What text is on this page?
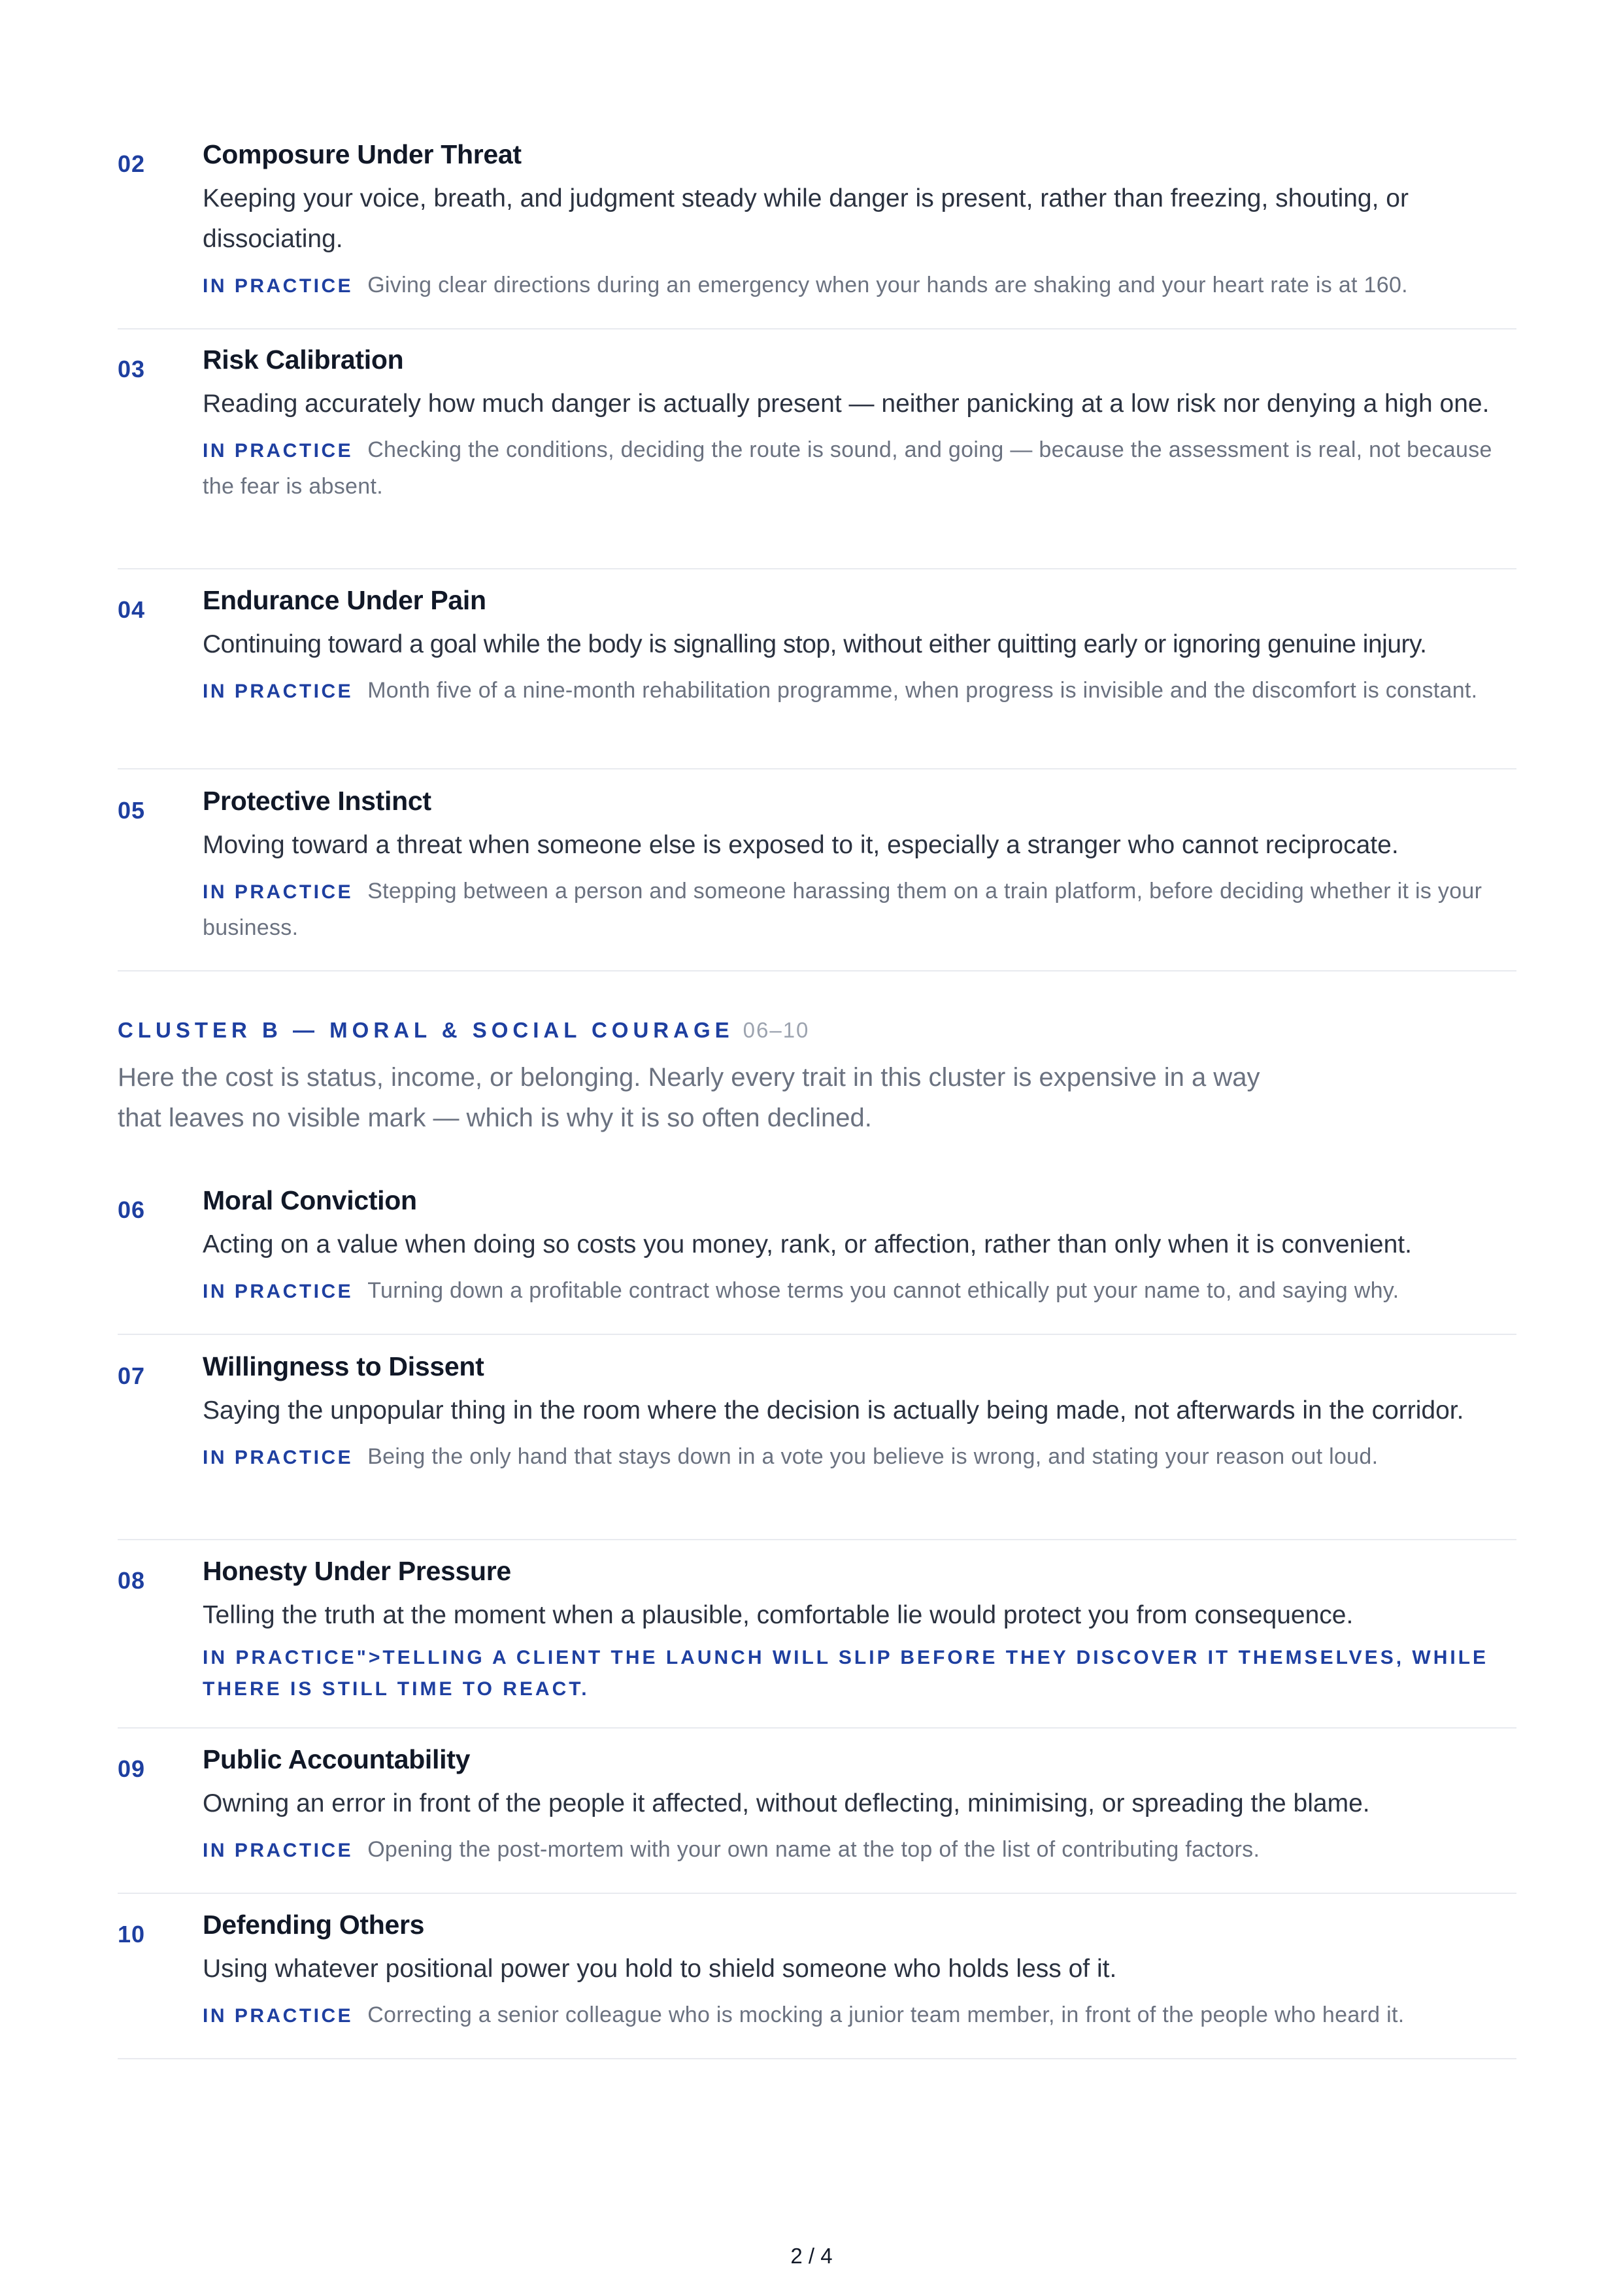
02 Composure Under Threat
Keeping your voice, breath, and judgment steady while danger is present, rather than freezing, shouting, or dissociating.
IN PRACTICE Giving clear directions during an emergency when your hands are shaking and your heart rate is at 160.
03 Risk Calibration
Reading accurately how much danger is actually present — neither panicking at a low risk nor denying a high one.
IN PRACTICE Checking the conditions, deciding the route is sound, and going — because the assessment is real, not because the fear is absent.
04 Endurance Under Pain
Continuing toward a goal while the body is signalling stop, without either quitting early or ignoring genuine injury.
IN PRACTICE Month five of a nine-month rehabilitation programme, when progress is invisible and the discomfort is constant.
05 Protective Instinct
Moving toward a threat when someone else is exposed to it, especially a stranger who cannot reciprocate.
IN PRACTICE Stepping between a person and someone harassing them on a train platform, before deciding whether it is your business.
CLUSTER B — MORAL & SOCIAL COURAGE 06–10
Here the cost is status, income, or belonging. Nearly every trait in this cluster is expensive in a way that leaves no visible mark — which is why it is so often declined.
06 Moral Conviction
Acting on a value when doing so costs you money, rank, or affection, rather than only when it is convenient.
IN PRACTICE Turning down a profitable contract whose terms you cannot ethically put your name to, and saying why.
07 Willingness to Dissent
Saying the unpopular thing in the room where the decision is actually being made, not afterwards in the corridor.
IN PRACTICE Being the only hand that stays down in a vote you believe is wrong, and stating your reason out loud.
08 Honesty Under Pressure
Telling the truth at the moment when a plausible, comfortable lie would protect you from consequence.
IN PRACTICE">TELLING A CLIENT THE LAUNCH WILL SLIP BEFORE THEY DISCOVER IT THEMSELVES, WHILE THERE IS STILL TIME TO REACT.
09 Public Accountability
Owning an error in front of the people it affected, without deflecting, minimising, or spreading the blame.
IN PRACTICE Opening the post-mortem with your own name at the top of the list of contributing factors.
10 Defending Others
Using whatever positional power you hold to shield someone who holds less of it.
IN PRACTICE Correcting a senior colleague who is mocking a junior team member, in front of the people who heard it.
2 / 4
